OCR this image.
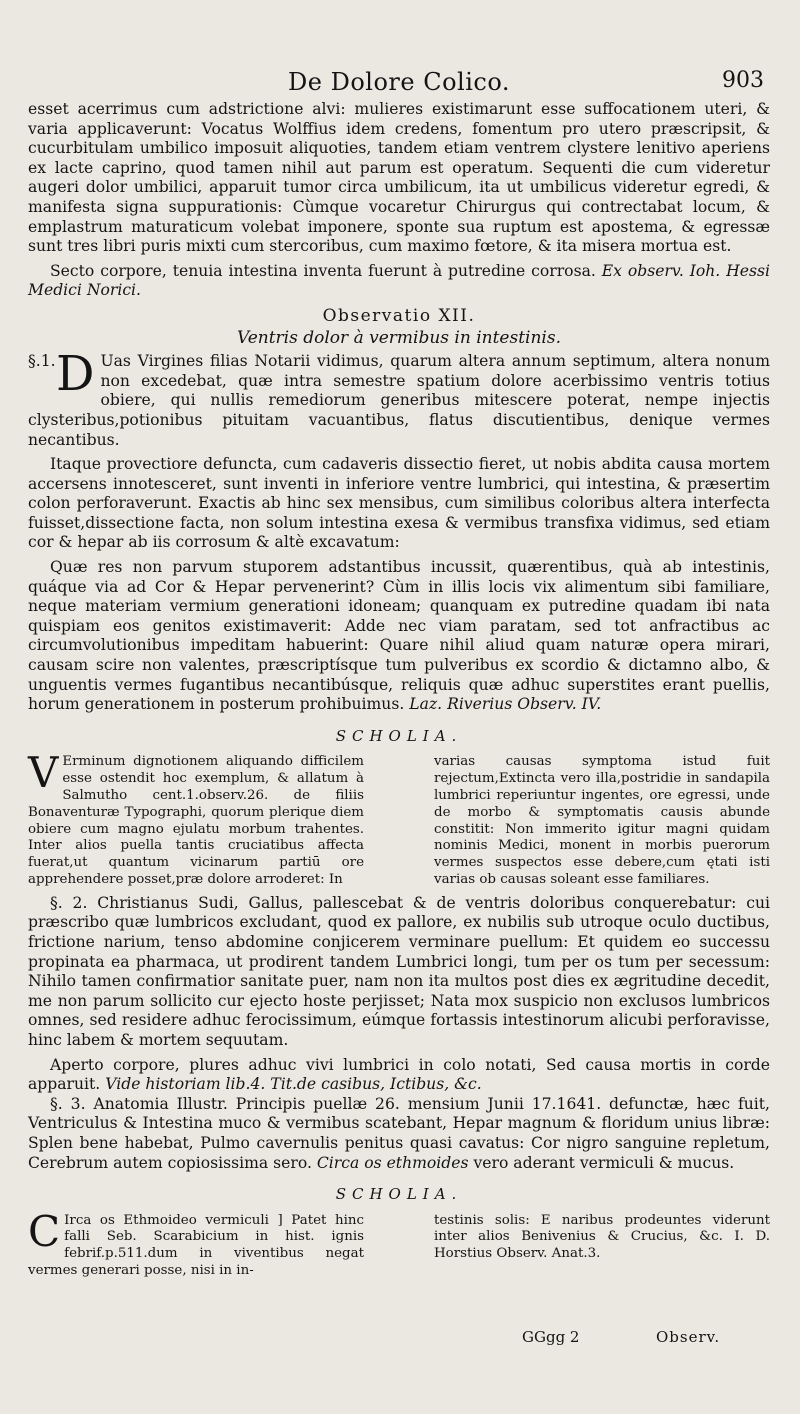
De Dolore Colico.	903

esset acerrimus cum adstrictione alvi: mulieres existimarunt esse suffocationem uteri, & varia applicaverunt: Vocatus Wolffius idem credens, fomentum pro utero præscripsit, & cucurbitulam umbilico imposuit aliquoties, tandem etiam ventrem clystere lenitivo aperiens ex lacte caprino, quod tamen nihil aut parum est operatum. Sequenti die cum videretur augeri dolor umbilici, apparuit tumor circa umbilicum, ita ut umbilicus videretur egredi, & manifesta signa suppurationis: Cùmque vocaretur Chirurgus qui contrectabat locum, & emplastrum maturaticum volebat imponere, sponte sua ruptum est apostema, & egressæ sunt tres libri puris mixti cum stercoribus, cum maximo fœtore, & ita misera mortua est.

Secto corpore, tenuia intestina inventa fuerunt à putredine corrosa. Ex observ. Ioh. Hessi Medici Norici.

Observatio XII.
Ventris dolor à vermibus in intestinis.
§.1. D Uas Virgines filias Notarii vidimus, quarum altera annum septimum, altera nonum non excedebat, quæ intra semestre spatium dolore acerbissimo ventris totius obiere, qui nullis remediorum generibus mitescere poterat, nempe injectis clysteribus,potionibus pituitam vacuantibus, flatus discutientibus, denique vermes necantibus.

Itaque provectiore defuncta, cum cadaveris dissectio fieret, ut nobis abdita causa mortem accersens innotesceret, sunt inventi in inferiore ventre lumbrici, qui intestina, & præsertim colon perforaverunt. Exactis ab hinc sex mensibus, cum similibus coloribus altera interfecta fuisset,dissectione facta, non solum intestina exesa & vermibus transfixa vidimus, sed etiam cor & hepar ab iis corrosum & altè excavatum:

Quæ res non parvum stuporem adstantibus incussit, quærentibus, quà ab intestinis, quáque via ad Cor & Hepar pervenerint? Cùm in illis locis vix alimentum sibi familiare, neque materiam vermium generationi idoneam; quanquam ex putredine quadam ibi nata quispiam eos genitos existimaverit: Adde nec viam paratam, sed tot anfractibus ac circumvolutionibus impeditam habuerint: Quare nihil aliud quam naturæ opera mirari, causam scire non valentes, præscriptísque tum pulveribus ex scordio & dictamno albo, & unguentis vermes fugantibus necantibúsque, reliquis quæ adhuc superstites erant puellis, horum generationem in posterum prohibuimus. Laz. Riverius Observ. IV.

SCHOLIA.
V Erminum dignotionem aliquando difficilem esse ostendit hoc exemplum, & allatum à Salmutho cent.1.observ.26. de filiis Bonaventuræ Typographi, quorum plerique diem obiere cum magno ejulatu morbum trahentes. Inter alios puella tantis cruciatibus affecta fuerat,ut quantum vicinarum partiū ore apprehendere posset,præ dolore arroderet: In

varias causas symptoma istud fuit rejectum,Extincta vero illa,postridie in sandapila lumbrici reperiuntur ingentes, ore egressi, unde de morbo & symptomatis causis abunde constitit: Non immerito igitur magni quidam nominis Medici, monent in morbis puerorum vermes suspectos esse debere,cum ętati isti varias ob causas soleant esse familiares.

§. 2. Christianus Sudi, Gallus, pallescebat & de ventris doloribus conquerebatur: cui præscribo quæ lumbricos excludant, quod ex pallore, ex nubilis sub utroque oculo ductibus, frictione narium, tenso abdomine conjicerem verminare puellum: Et quidem eo successu propinata ea pharmaca, ut prodirent tandem Lumbrici longi, tum per os tum per secessum: Nihilo tamen confirmatior sanitate puer, nam non ita multos post dies ex ægritudine decedit, me non parum sollicito cur ejecto hoste perjisset; Nata mox suspicio non exclusos lumbricos omnes, sed residere adhuc ferocissimum, eúmque fortassis intestinorum alicubi perforavisse, hinc labem & mortem sequutam.

Aperto corpore, plures adhuc vivi lumbrici in colo notati, Sed causa mortis in corde apparuit. Vide historiam lib.4. Tit.de casibus, Ictibus, &c.

§. 3. Anatomia Illustr. Principis puellæ 26. mensium Junii 17.1641. defunctæ, hæc fuit, Ventriculus & Intestina muco & vermibus scatebant, Hepar magnum & floridum unius libræ: Splen bene habebat, Pulmo cavernulis penitus quasi cavatus: Cor nigro sanguine repletum, Cerebrum autem copiosissima sero. Circa os ethmoides vero aderant vermiculi & mucus.

SCHOLIA.
C Irca os Ethmoideo vermiculi ] Patet hinc falli Seb. Scarabicium in hist. ignis febrif.p.511.dum in viventibus negat vermes generari posse, nisi in in-

testinis solis: E naribus prodeuntes viderunt inter alios Benivenius & Crucius, &c. I. D. Horstius Observ. Anat.3.

GGgg 2	Observ.
